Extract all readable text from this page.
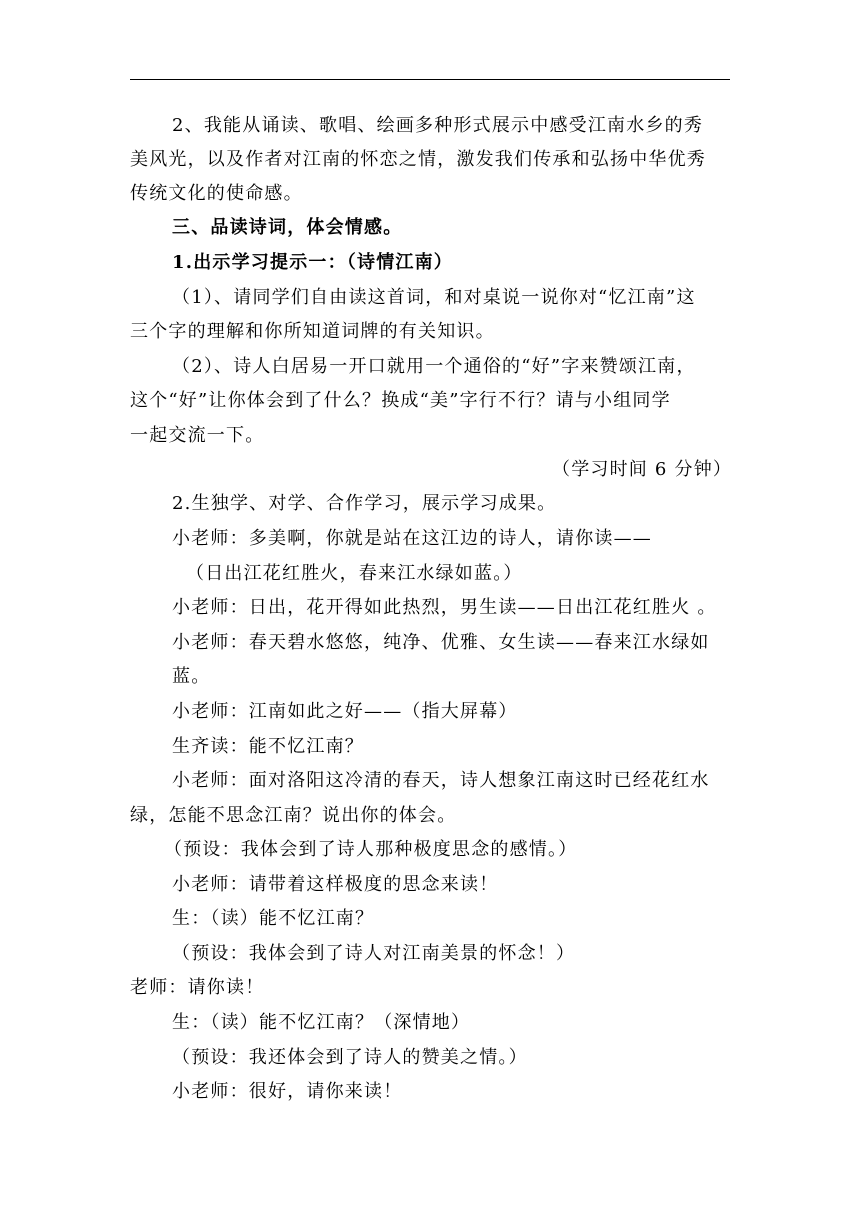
2、我能从诵读、歌唱、绘画多种形式展示中感受江南水乡的秀

美风光，以及作者对江南的怀恋之情，激发我们传承和弘扬中华优秀

传统文化的使命感。

三、品读诗词，体会情感。

1.出示学习提示一：（诗情江南）

（1）、请同学们自由读这首词，和对桌说一说你对“忆江南”这

三个字的理解和你所知道词牌的有关知识。

（2）、诗人白居易一开口就用一个通俗的“好”字来赞颂江南，

这个“好”让你体会到了什么？换成“美”字行不行？请与小组同学

一起交流一下。

（学习时间 6 分钟）

2.生独学、对学、合作学习，展示学习成果。

小老师：多美啊，你就是站在这江边的诗人，请你读——

（日出江花红胜火，春来江水绿如蓝。）

小老师：日出，花开得如此热烈，男生读——日出江花红胜火 。

小老师：春天碧水悠悠，纯净、优雅、女生读——春来江水绿如

蓝。

小老师：江南如此之好——（指大屏幕）

生齐读：能不忆江南？

小老师：面对洛阳这冷清的春天，诗人想象江南这时已经花红水

绿，怎能不思念江南？说出你的体会。

（预设：我体会到了诗人那种极度思念的感情。）

小老师：请带着这样极度的思念来读！

生：（读）能不忆江南？

（预设：我体会到了诗人对江南美景的怀念！）

老师：请你读！

生：（读）能不忆江南？（深情地）

（预设：我还体会到了诗人的赞美之情。）

小老师：很好，请你来读！
